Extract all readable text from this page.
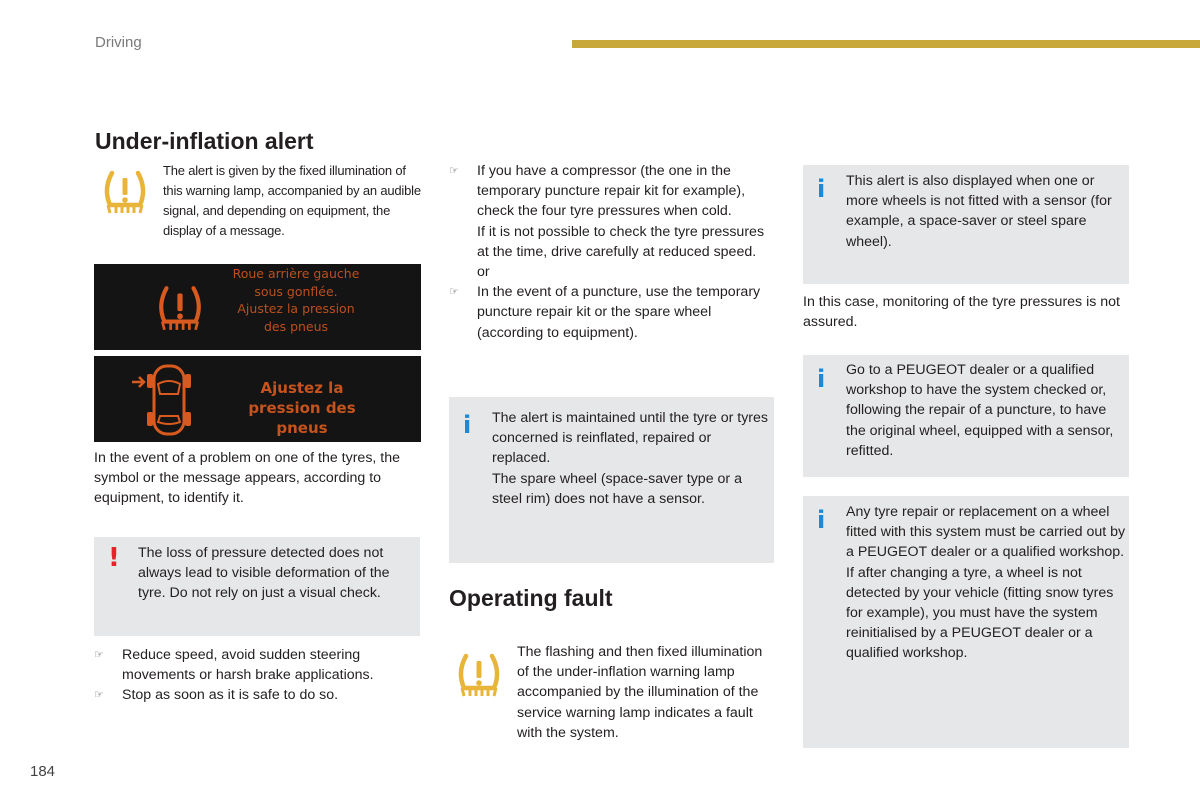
Driving
Under-inflation alert
The alert is given by the fixed illumination of this warning lamp, accompanied by an audible signal, and depending on equipment, the display of a message.
Roue arrière gauche sous gonflée. Ajustez la pression des pneus
Ajustez la pression des pneus
In the event of a problem on one of the tyres, the symbol or the message appears, according to equipment, to identify it.
! The loss of pressure detected does not always lead to visible deformation of the tyre. Do not rely on just a visual check.
☞ Reduce speed, avoid sudden steering movements or harsh brake applications.
☞ Stop as soon as it is safe to do so.
☞ If you have a compressor (the one in the temporary puncture repair kit for example), check the four tyre pressures when cold.
If it is not possible to check the tyre pressures at the time, drive carefully at reduced speed.
or
☞ In the event of a puncture, use the temporary puncture repair kit or the spare wheel (according to equipment).
i The alert is maintained until the tyre or tyres concerned is reinflated, repaired or replaced.
The spare wheel (space-saver type or a steel rim) does not have a sensor.
Operating fault
The flashing and then fixed illumination of the under-inflation warning lamp accompanied by the illumination of the service warning lamp indicates a fault with the system.
i This alert is also displayed when one or more wheels is not fitted with a sensor (for example, a space-saver or steel spare wheel).
In this case, monitoring of the tyre pressures is not assured.
i Go to a PEUGEOT dealer or a qualified workshop to have the system checked or, following the repair of a puncture, to have the original wheel, equipped with a sensor, refitted.
i Any tyre repair or replacement on a wheel fitted with this system must be carried out by a PEUGEOT dealer or a qualified workshop.
If after changing a tyre, a wheel is not detected by your vehicle (fitting snow tyres for example), you must have the system reinitialised by a PEUGEOT dealer or a qualified workshop.
184
